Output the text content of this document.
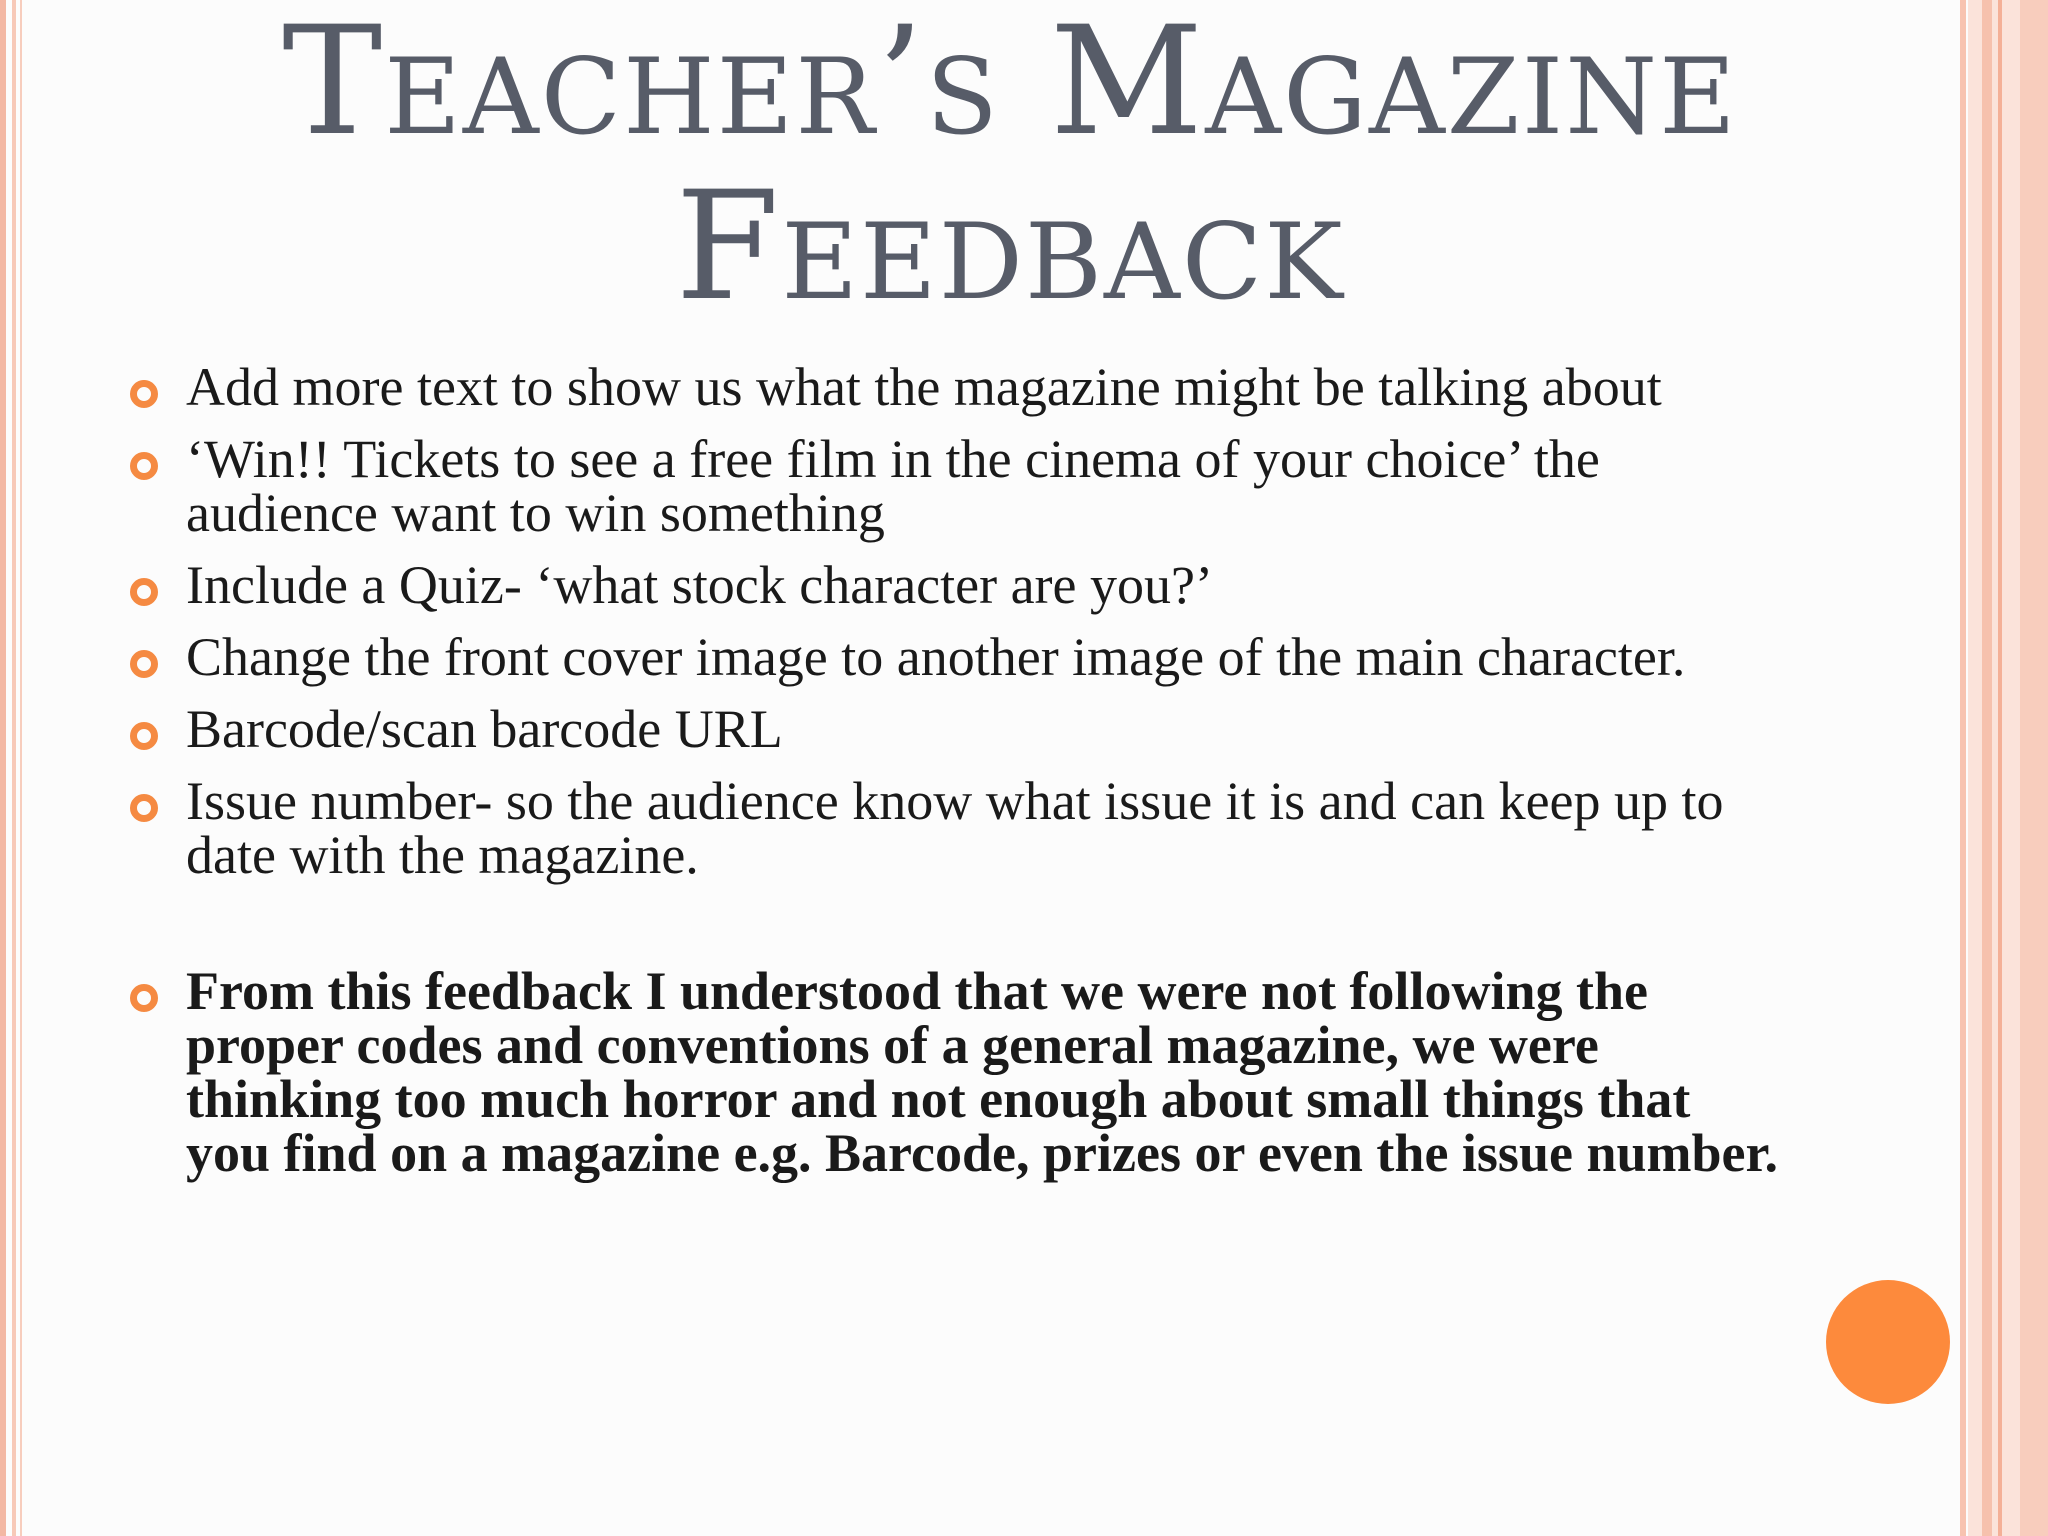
Teacher’s Magazine
Feedback
Add more text to show us what the magazine might be talking about
‘Win!! Tickets to see a free film in the cinema of your choice’ the audience want to win something
Include a Quiz- ‘what stock character are you?’
Change the front cover image to another image of the main character.
Barcode/scan barcode URL
Issue number- so the audience know what issue it is and can keep up to date with the magazine.
From this feedback I understood that we were not following the proper codes and conventions of a general magazine, we were thinking too much horror and not enough about small things that you find on a magazine e.g. Barcode, prizes or even the issue number.
